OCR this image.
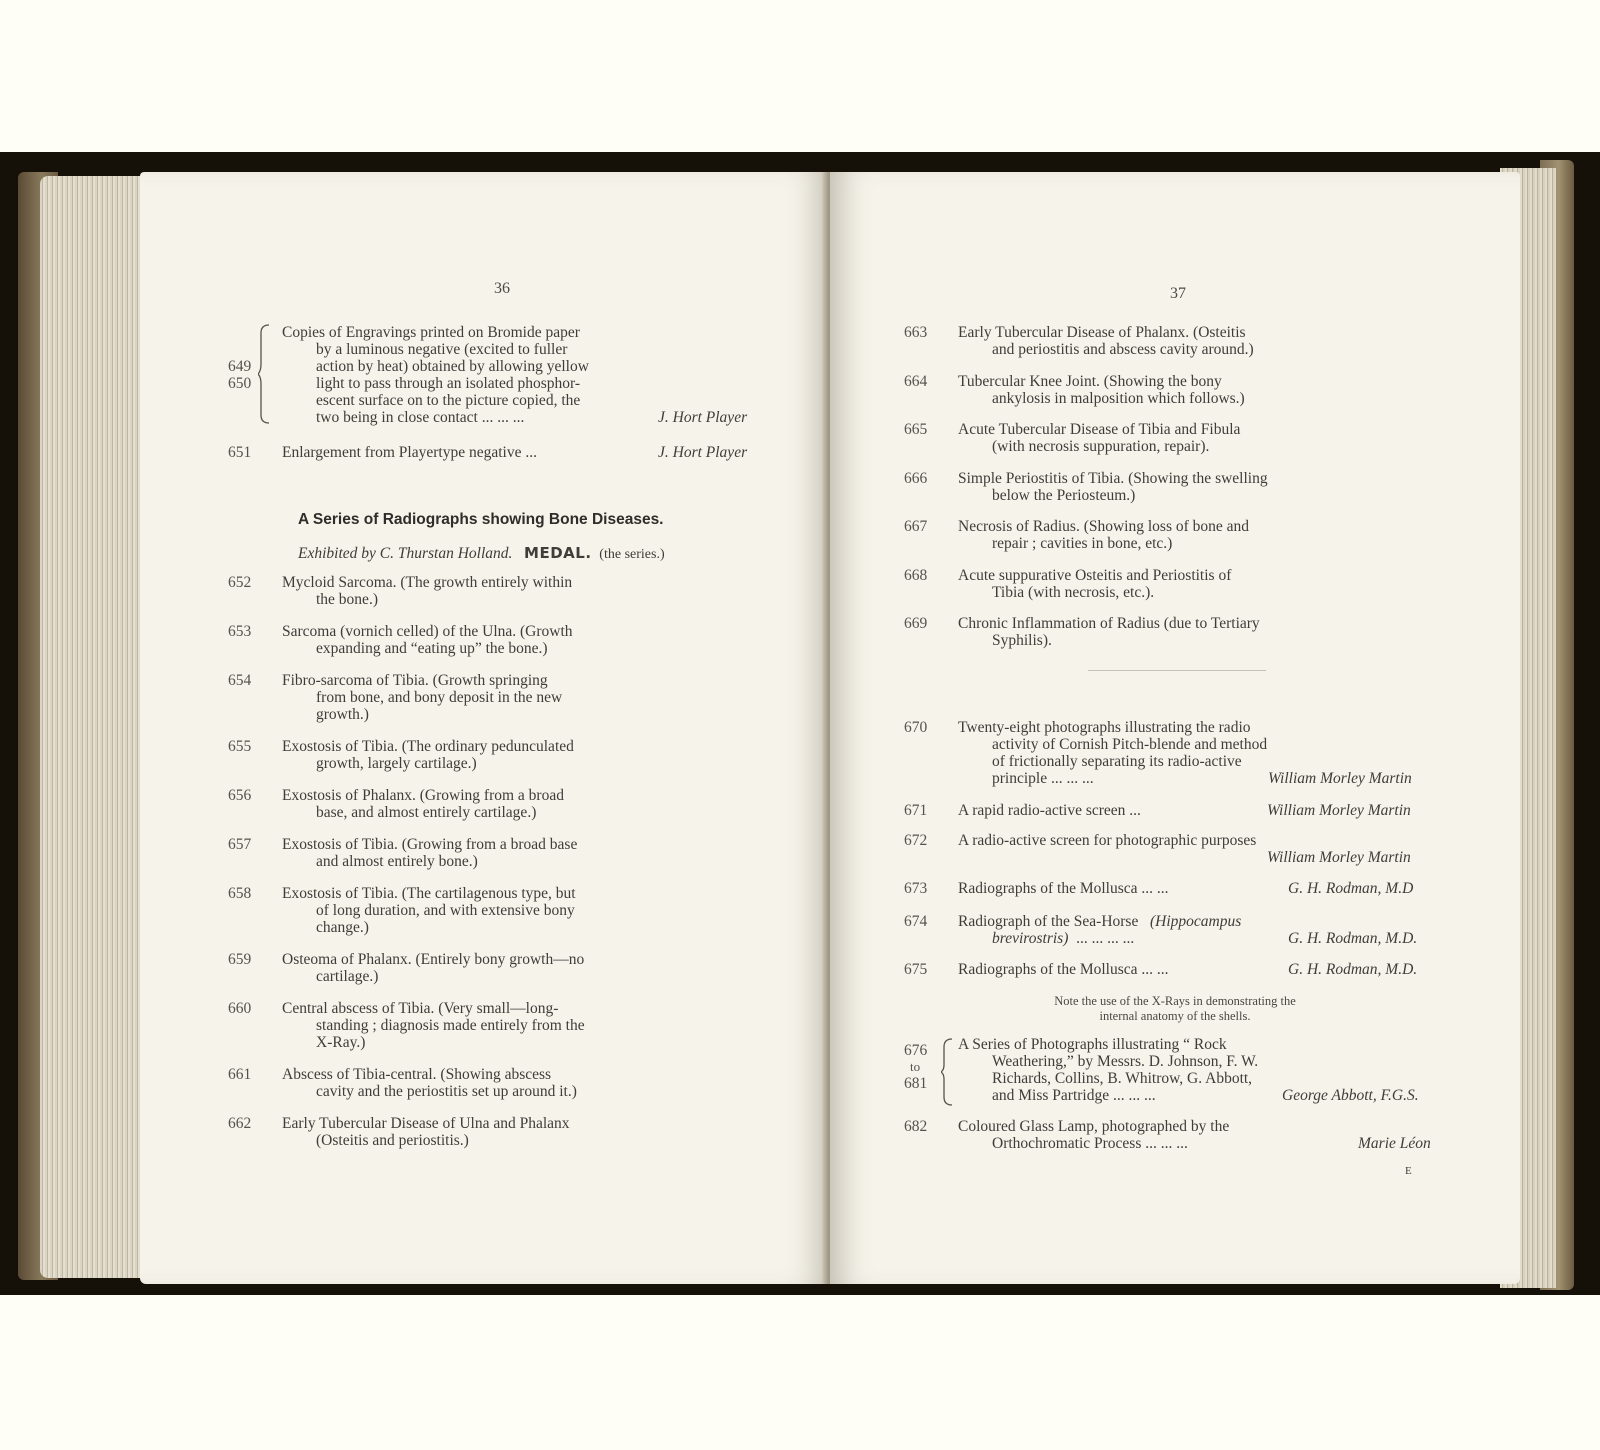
36
649
650
Copies of Engravings printed on Bromide paper
by a luminous negative (excited to fuller
action by heat) obtained by allowing yellow
light to pass through an isolated phosphor-
escent surface on to the picture copied, the
two being in close contact ... ... ...	J. Hort Player
651 Enlargement from Playertype negative ...	J. Hort Player
A Series of Radiographs showing Bone Diseases.
Exhibited by C. Thurstan Holland. MEDAL. (the series.)
652 Mycloid Sarcoma. (The growth entirely within
the bone.)
653 Sarcoma (vornich celled) of the Ulna. (Growth
expanding and “eating up” the bone.)
654 Fibro-sarcoma of Tibia. (Growth springing
from bone, and bony deposit in the new
growth.)
655 Exostosis of Tibia. (The ordinary pedunculated
growth, largely cartilage.)
656 Exostosis of Phalanx. (Growing from a broad
base, and almost entirely cartilage.)
657 Exostosis of Tibia. (Growing from a broad base
and almost entirely bone.)
658 Exostosis of Tibia. (The cartilagenous type, but
of long duration, and with extensive bony
change.)
659 Osteoma of Phalanx. (Entirely bony growth—no
cartilage.)
660 Central abscess of Tibia. (Very small—long-
standing ; diagnosis made entirely from the
X-Ray.)
661 Abscess of Tibia-central. (Showing abscess
cavity and the periostitis set up around it.)
662 Early Tubercular Disease of Ulna and Phalanx
(Osteitis and periostitis.)
37
663 Early Tubercular Disease of Phalanx. (Osteitis
and periostitis and abscess cavity around.)
664 Tubercular Knee Joint. (Showing the bony
ankylosis in malposition which follows.)
665 Acute Tubercular Disease of Tibia and Fibula
(with necrosis suppuration, repair).
666 Simple Periostitis of Tibia. (Showing the swelling
below the Periosteum.)
667 Necrosis of Radius. (Showing loss of bone and
repair ; cavities in bone, etc.)
668 Acute suppurative Osteitis and Periostitis of
Tibia (with necrosis, etc.).
669 Chronic Inflammation of Radius (due to Tertiary
Syphilis).
670 Twenty-eight photographs illustrating the radio
activity of Cornish Pitch-blende and method
of frictionally separating its radio-active
principle ... ... ...	William Morley Martin
671 A rapid radio-active screen ...	William Morley Martin
672 A radio-active screen for photographic purposes
William Morley Martin
673 Radiographs of the Mollusca ... ...	G. H. Rodman, M.D
674 Radiograph of the Sea-Horse (Hippocampus
brevirostris) ... ... ... ...	G. H. Rodman, M.D.
675 Radiographs of the Mollusca ... ...	G. H. Rodman, M.D.
Note the use of the X-Rays in demonstrating the
internal anatomy of the shells.
676
to
681
A Series of Photographs illustrating “ Rock
Weathering,” by Messrs. D. Johnson, F. W.
Richards, Collins, B. Whitrow, G. Abbott,
and Miss Partridge ... ... ...	George Abbott, F.G.S.
682 Coloured Glass Lamp, photographed by the
Orthochromatic Process ... ... ...	Marie Léon
E
